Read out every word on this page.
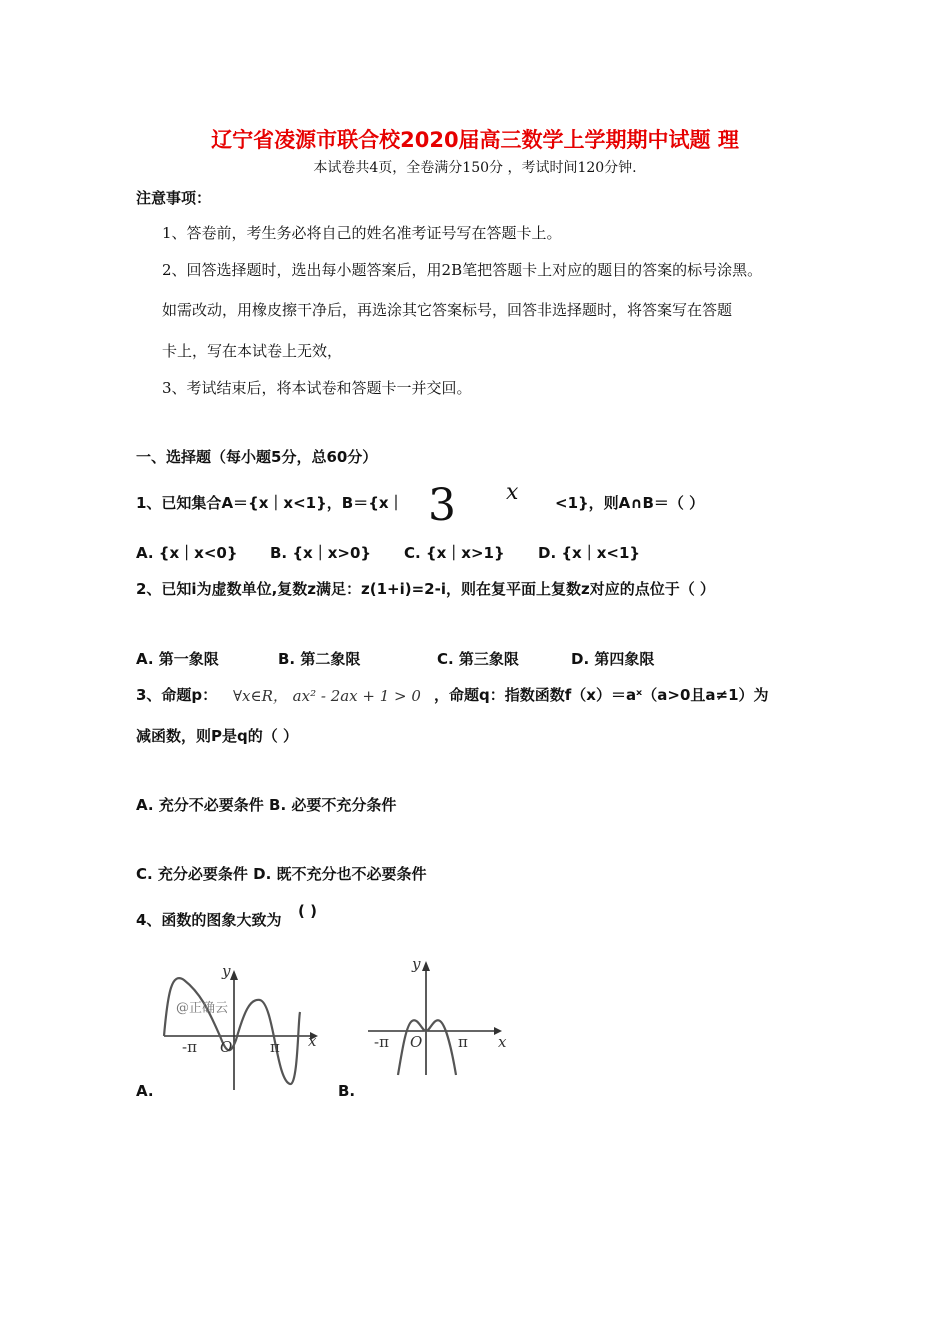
辽宁省凌源市联合校2020届高三数学上学期期中试题 理
本试卷共4页，全卷满分150分 ，考试时间120分钟.
注意事项：
1、答卷前，考生务必将自己的姓名准考证号写在答题卡上。
2、回答选择题时，选出每小题答案后，用2B笔把答题卡上对应的题目的答案的标号涂黑。
如需改动，用橡皮擦干净后，再选涂其它答案标号，回答非选择题时，将答案写在答题
卡上，写在本试卷上无效，
3、考试结束后，将本试卷和答题卡一并交回。
一、选择题（每小题5分，总60分）
1、已知集合A＝{x｜x<1}，B＝{x｜ 3 x <1}，则A∩B＝（ ）
A. {x｜x<0} B. {x｜x>0} C. {x｜x>1} D. {x｜x<1}
2、已知i为虚数单位,复数z满足：z(1+i)=2-i，则在复平面上复数z对应的点位于（ ）
A. 第一象限	B. 第二象限	C. 第三象限	D. 第四象限
3、命题p： ∀x∈R， ax² - 2ax + 1 > 0 ，命题q：指数函数f（x）＝aˣ（a>0且a≠1）为
减函数，则P是q的（ ）
A. 充分不必要条件 B. 必要不充分条件
C. 充分必要条件 D. 既不充分也不必要条件
4、函数的图象大致为 ( )
y
x
O
-π	π
@正确云
A.
y
x
O
-π	π
B.
